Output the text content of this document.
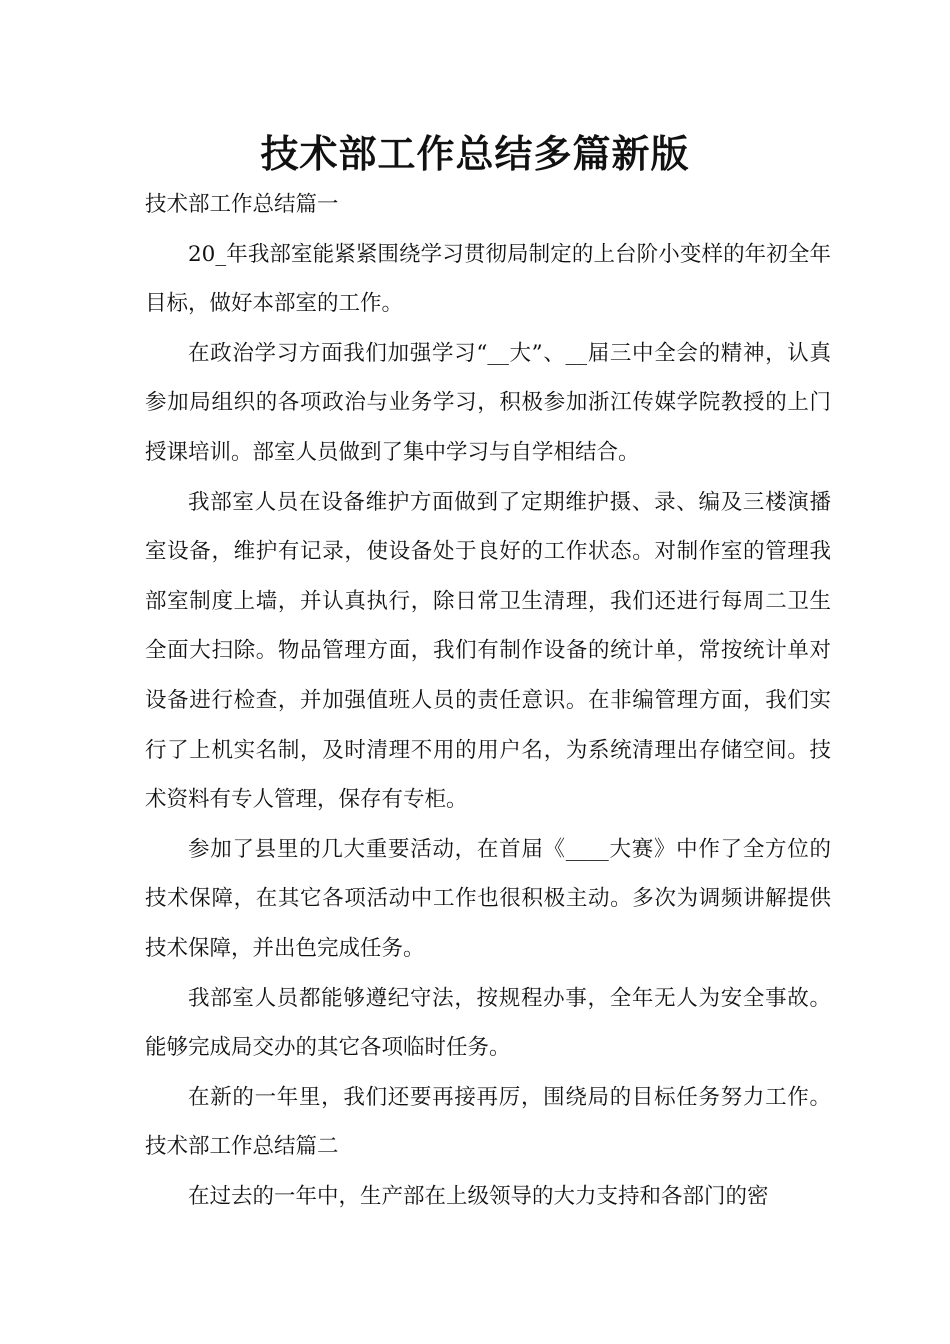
技术部工作总结多篇新版
技术部工作总结篇一

20_年我部室能紧紧围绕学习贯彻局制定的上台阶小变样的年初全年目标，做好本部室的工作。

在政治学习方面我们加强学习“__大”、__届三中全会的精神，认真参加局组织的各项政治与业务学习，积极参加浙江传媒学院教授的上门授课培训。部室人员做到了集中学习与自学相结合。

我部室人员在设备维护方面做到了定期维护摄、录、编及三楼演播室设备，维护有记录，使设备处于良好的工作状态。对制作室的管理我部室制度上墙，并认真执行，除日常卫生清理，我们还进行每周二卫生全面大扫除。物品管理方面，我们有制作设备的统计单，常按统计单对设备进行检查，并加强值班人员的责任意识。在非编管理方面，我们实行了上机实名制，及时清理不用的用户名，为系统清理出存储空间。技术资料有专人管理，保存有专柜。

参加了县里的几大重要活动，在首届《____大赛》中作了全方位的技术保障，在其它各项活动中工作也很积极主动。多次为调频讲解提供技术保障，并出色完成任务。

我部室人员都能够遵纪守法，按规程办事，全年无人为安全事故。能够完成局交办的其它各项临时任务。

在新的一年里，我们还要再接再厉，围绕局的目标任务努力工作。技术部工作总结篇二

在过去的一年中，生产部在上级领导的大力支持和各部门的密
